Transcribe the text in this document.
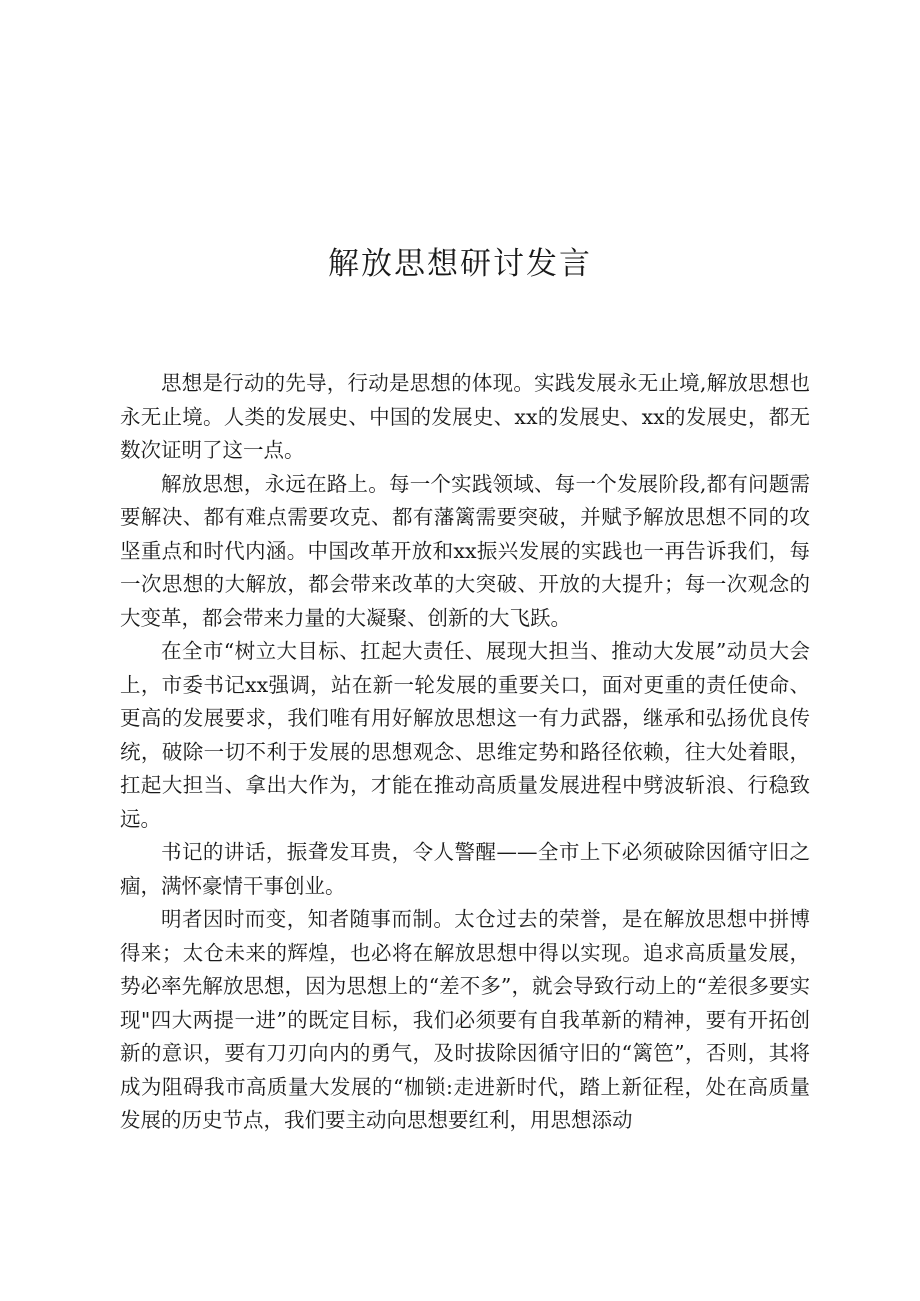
解放思想研讨发言

思想是行动的先导，行动是思想的体现。实践发展永无止境,解放思想也永无止境。人类的发展史、中国的发展史、xx的发展史、xx的发展史，都无数次证明了这一点。

解放思想，永远在路上。每一个实践领域、每一个发展阶段,都有问题需要解决、都有难点需要攻克、都有藩篱需要突破，并赋予解放思想不同的攻坚重点和时代内涵。中国改革开放和xx振兴发展的实践也一再告诉我们，每一次思想的大解放，都会带来改革的大突破、开放的大提升；每一次观念的大变革，都会带来力量的大凝聚、创新的大飞跃。

在全市“树立大目标、扛起大责任、展现大担当、推动大发展”动员大会上，市委书记xx强调，站在新一轮发展的重要关口，面对更重的责任使命、更高的发展要求，我们唯有用好解放思想这一有力武器，继承和弘扬优良传统，破除一切不利于发展的思想观念、思维定势和路径依赖，往大处着眼，扛起大担当、拿出大作为，才能在推动高质量发展进程中劈波斩浪、行稳致远。

书记的讲话，振聋发耳贵，令人警醒——全市上下必须破除因循守旧之痼，满怀豪情干事创业。

明者因时而变，知者随事而制。太仓过去的荣誉，是在解放思想中拼博得来；太仓未来的辉煌，也必将在解放思想中得以实现。追求高质量发展，势必率先解放思想，因为思想上的“差不多”，就会导致行动上的“差很多要实现"四大两提一进”的既定目标，我们必须要有自我革新的精神，要有开拓创新的意识，要有刀刃向内的勇气，及时拔除因循守旧的“篱笆”，否则，其将成为阻碍我市高质量大发展的“枷锁:走进新时代，踏上新征程，处在高质量发展的历史节点，我们要主动向思想要红利，用思想添动
